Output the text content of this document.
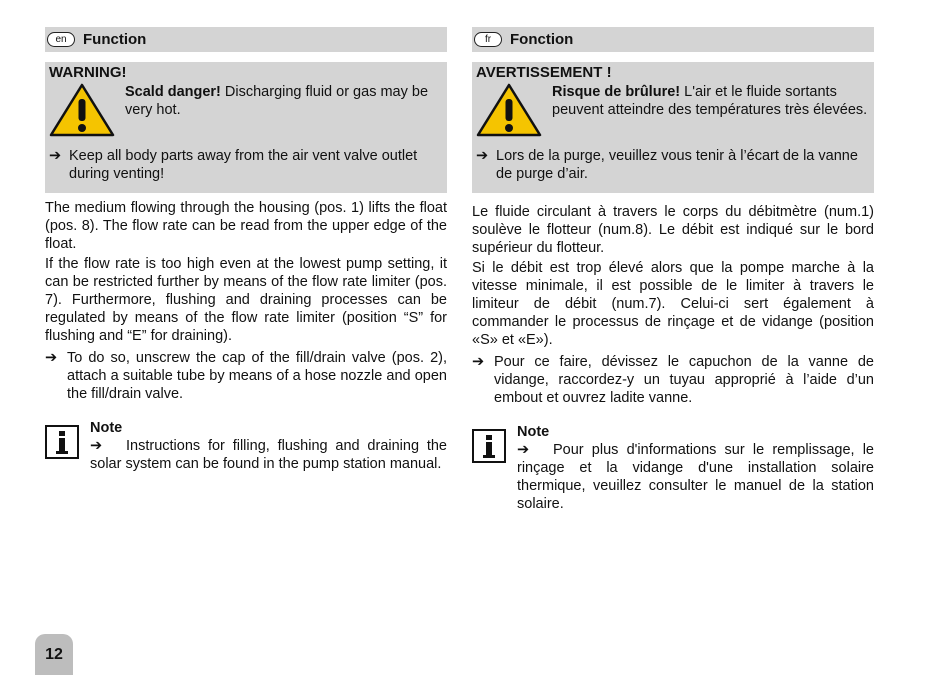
en	Function
WARNING!
Scald danger! Discharging fluid or gas may be very hot.
➔ Keep all body parts away from the air vent valve outlet during venting!

The medium flowing through the housing (pos. 1) lifts the float (pos. 8). The flow rate can be read from the upper edge of the float.

If the flow rate is too high even at the lowest pump setting, it can be restricted further by means of the flow rate limiter (pos. 7). Furthermore, flushing and draining processes can be regulated by means of the flow rate limiter (position “S” for flushing and “E” for draining).

➔ To do so, unscrew the cap of the fill/drain valve (pos. 2), attach a suitable tube by means of a hose nozzle and open the fill/drain valve.
Note
➔ Instructions for filling, flushing and draining the solar system can be found in the pump station manual.
fr	Fonction
AVERTISSEMENT !
Risque de brûlure! L'air et le fluide sortants peuvent atteindre des températures très élevées.
➔ Lors de la purge, veuillez vous tenir à l’écart de la vanne de purge d’air.

Le fluide circulant à travers le corps du débitmètre (num.1) soulève le flotteur (num.8). Le débit est indiqué sur le bord supérieur du flotteur.

Si le débit est trop élevé alors que la pompe marche à la vitesse minimale, il est possible de le limiter à travers le limiteur de débit (num.7). Celui-ci sert également à commander le processus de rinçage et de vidange (position «S» et «E»).

➔ Pour ce faire, dévissez le capuchon de la vanne de vidange, raccordez-y un tuyau approprié à l’aide d’un embout et ouvrez ladite vanne.
Note
➔ Pour plus d'informations sur le remplissage, le rinçage et la vidange d'une installation solaire thermique, veuillez consulter le manuel de la station solaire.
12
